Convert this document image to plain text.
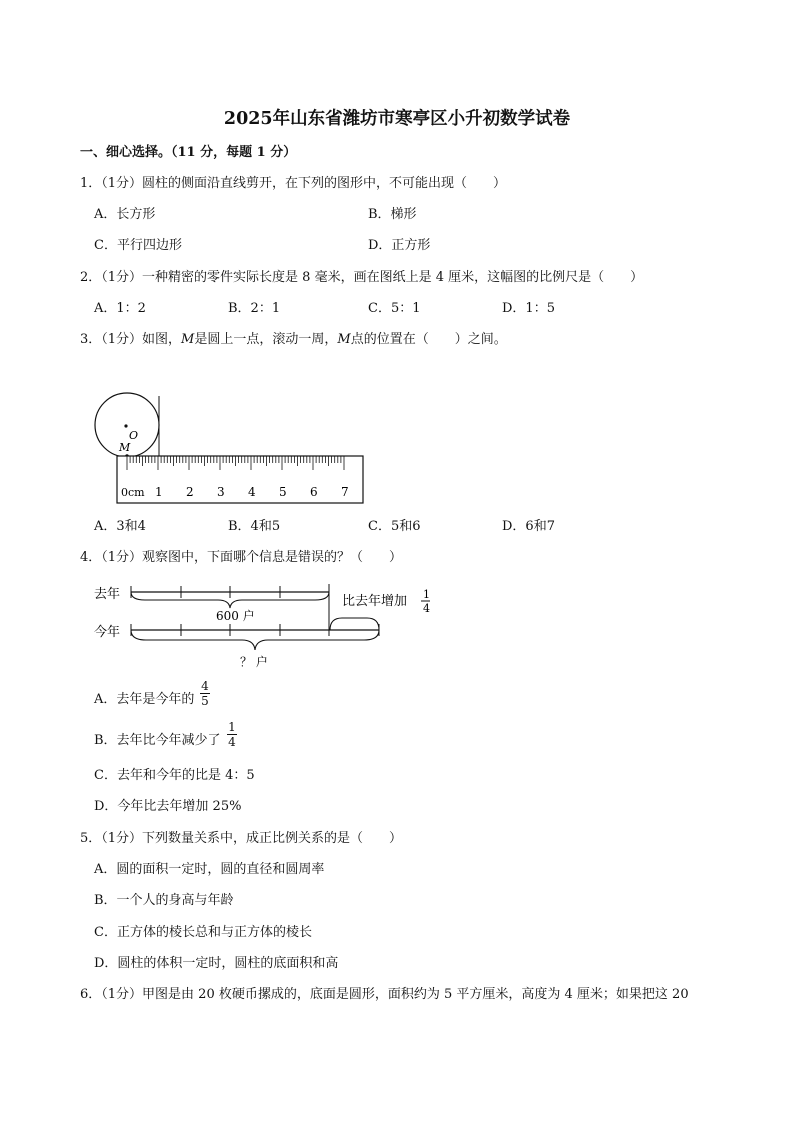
2025年山东省潍坊市寒亭区小升初数学试卷
一、细心选择。（11 分，每题 1 分）
1．（1分）圆柱的侧面沿直线剪开，在下列的图形中，不可能出现（　　）
A．长方形	B．梯形
C．平行四边形	D．正方形
2．（1分）一种精密的零件实际长度是 8 毫米，画在图纸上是 4 厘米，这幅图的比例尺是（　　）
A．1：2	B．2：1	C．5：1	D．1：5
3．（1分）如图，M是圆上一点，滚动一周，M点的位置在（　　）之间。
O
M
0cm 1 2 3 4 5 6 7
A．3和4	B．4和5	C．5和6	D．6和7
4．（1分）观察图中，下面哪个信息是错误的？（　　）
去年
600 户
比去年增加 1
4
今年
？ 户
A．去年是今年的
4
5
B．去年比今年减少了
1
4
C．去年和今年的比是 4：5
D．今年比去年增加 25%
5．（1分）下列数量关系中，成正比例关系的是（　　）
A．圆的面积一定时，圆的直径和圆周率
B．一个人的身高与年龄
C．正方体的棱长总和与正方体的棱长
D．圆柱的体积一定时，圆柱的底面积和高
6．（1分）甲图是由 20 枚硬币摞成的，底面是圆形，面积约为 5 平方厘米，高度为 4 厘米；如果把这 20
